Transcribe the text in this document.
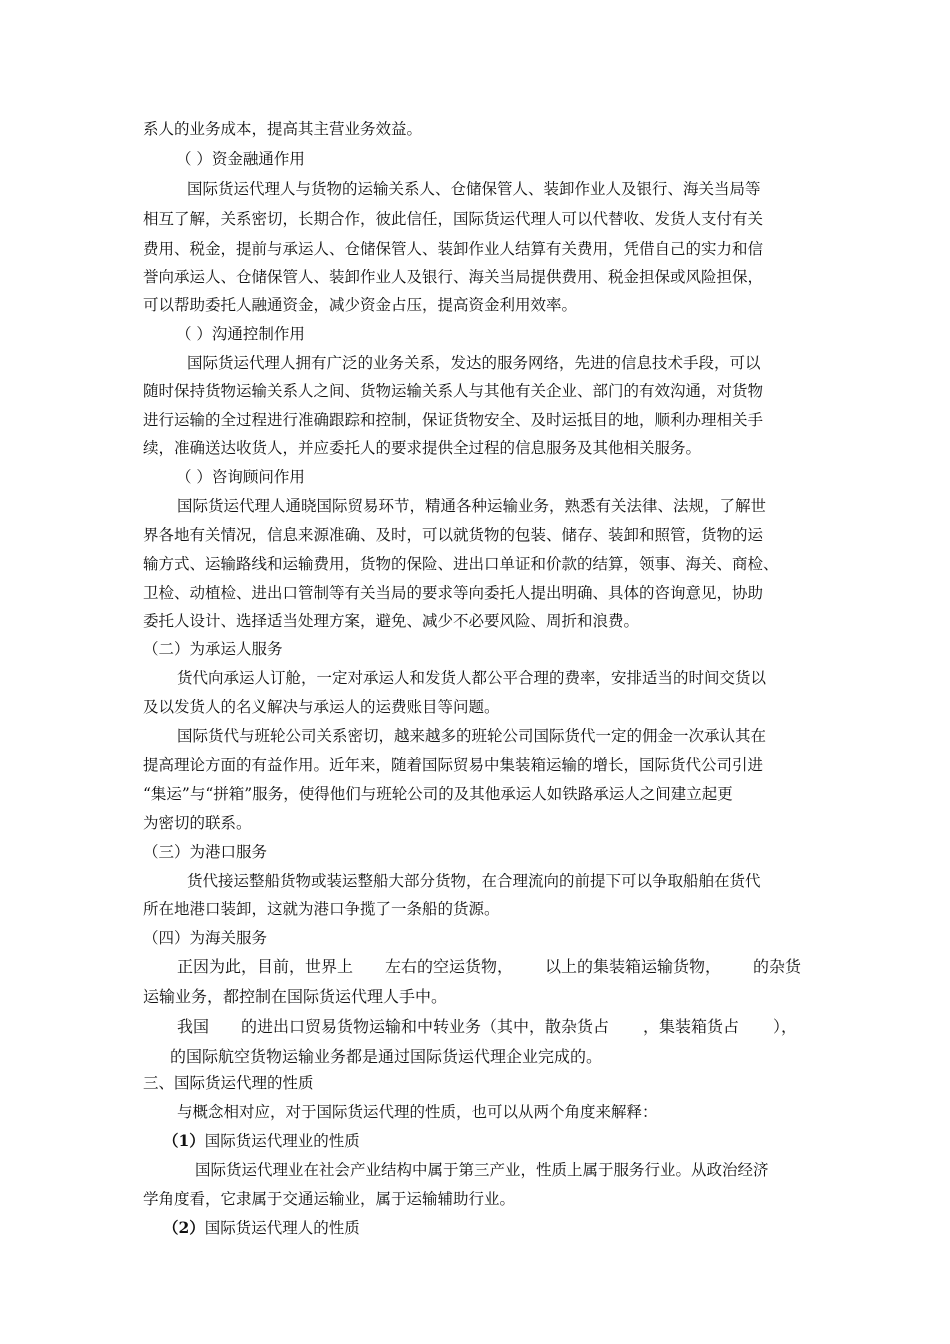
系人的业务成本，提高其主营业务效益。
（ ）资金融通作用
国际货运代理人与货物的运输关系人、仓储保管人、装卸作业人及银行、海关当局等
相互了解，关系密切，长期合作，彼此信任，国际货运代理人可以代替收、发货人支付有关
费用、税金，提前与承运人、仓储保管人、装卸作业人结算有关费用，凭借自己的实力和信
誉向承运人、仓储保管人、装卸作业人及银行、海关当局提供费用、税金担保或风险担保，
可以帮助委托人融通资金，减少资金占压，提高资金利用效率。
（ ）沟通控制作用
国际货运代理人拥有广泛的业务关系，发达的服务网络，先进的信息技术手段，可以
随时保持货物运输关系人之间、货物运输关系人与其他有关企业、部门的有效沟通，对货物
进行运输的全过程进行准确跟踪和控制，保证货物安全、及时运抵目的地，顺利办理相关手
续，准确送达收货人，并应委托人的要求提供全过程的信息服务及其他相关服务。
（ ）咨询顾问作用
国际货运代理人通晓国际贸易环节，精通各种运输业务，熟悉有关法律、法规，了解世
界各地有关情况，信息来源准确、及时，可以就货物的包装、储存、装卸和照管，货物的运
输方式、运输路线和运输费用，货物的保险、进出口单证和价款的结算，领事、海关、商检、
卫检、动植检、进出口管制等有关当局的要求等向委托人提出明确、具体的咨询意见，协助
委托人设计、选择适当处理方案，避免、减少不必要风险、周折和浪费。
（二）为承运人服务
货代向承运人订舱，一定对承运人和发货人都公平合理的费率，安排适当的时间交货以
及以发货人的名义解决与承运人的运费账目等问题。
国际货代与班轮公司关系密切，越来越多的班轮公司国际货代一定的佣金一次承认其在
提高理论方面的有益作用。近年来，随着国际贸易中集装箱运输的增长，国际货代公司引进
“集运”与“拼箱”服务，使得他们与班轮公司的及其他承运人如铁路承运人之间建立起更
为密切的联系。
（三）为港口服务
货代接运整船货物或装运整船大部分货物，在合理流向的前提下可以争取船舶在货代
所在地港口装卸，这就为港口争揽了一条船的货源。
（四）为海关服务
正因为此，目前，世界上 左右的空运货物， 以上的集装箱运输货物， 的杂货
运输业务，都控制在国际货运代理人手中。
我国 的进出口贸易货物运输和中转业务（其中，散杂货占 ，集装箱货占 ），
的国际航空货物运输业务都是通过国际货运代理企业完成的。
三、国际货运代理的性质
与概念相对应，对于国际货运代理的性质，也可以从两个角度来解释：
（1）国际货运代理业的性质
国际货运代理业在社会产业结构中属于第三产业，性质上属于服务行业。从政治经济
学角度看，它隶属于交通运输业，属于运输辅助行业。
（2）国际货运代理人的性质
